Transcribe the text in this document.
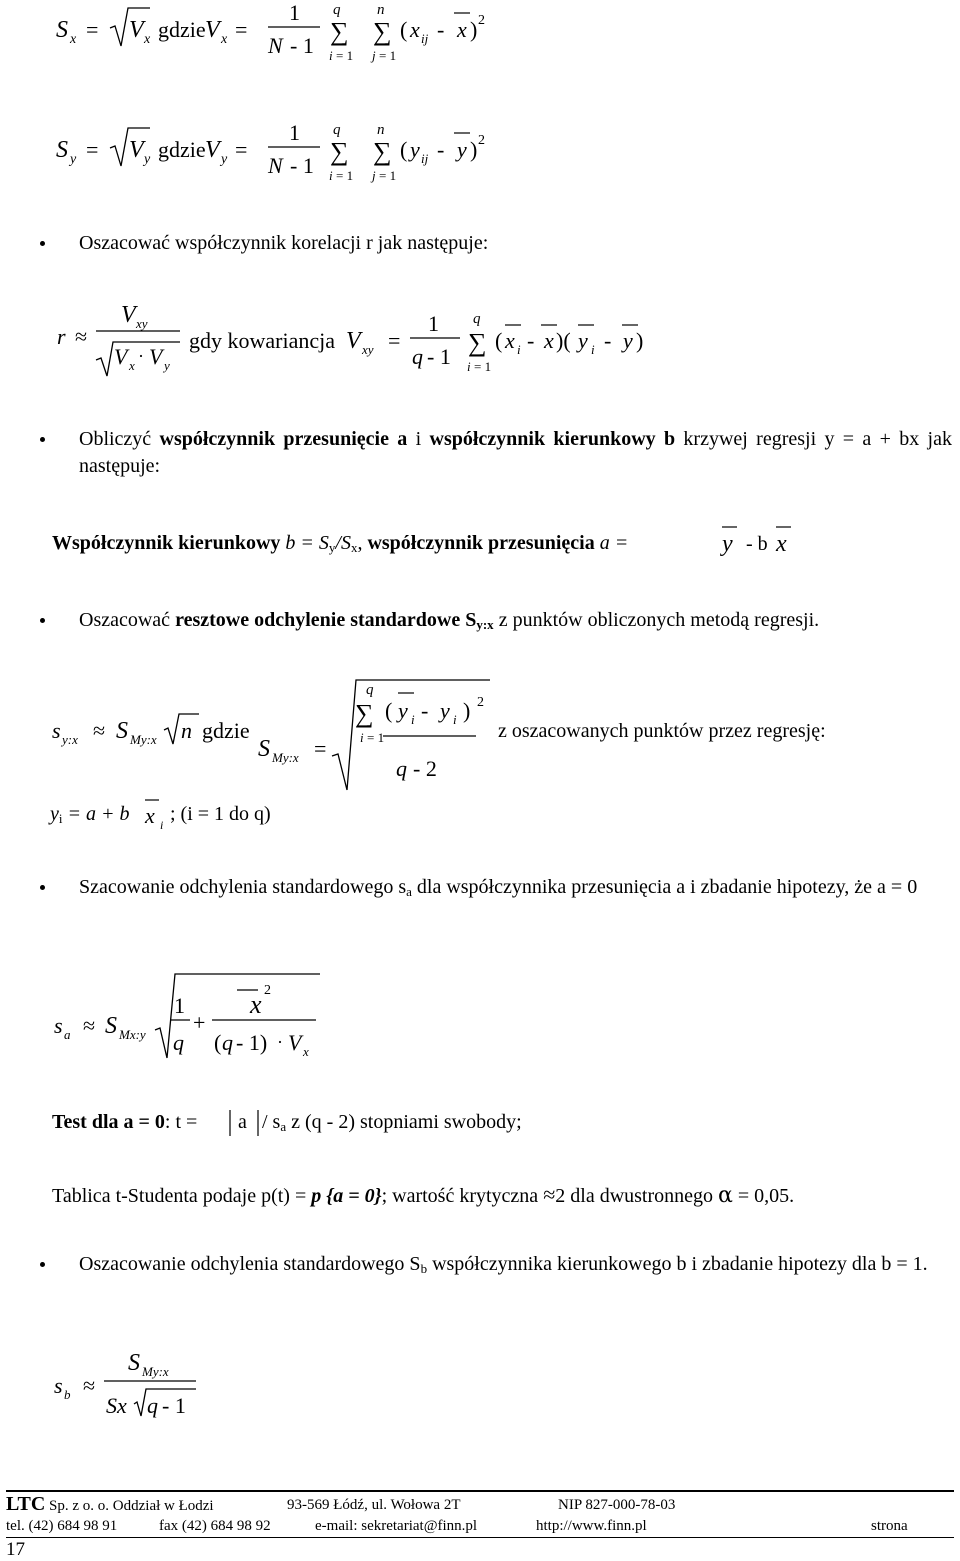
S x = V x gdzie V x =
1
N - 1
q
∑
i = 1
n
∑
j = 1
( x ij - x ) 2
S y = V y gdzie V y =
1
N - 1
q
∑
i = 1
n
∑
j = 1
( y ij - y ) 2
r ≈
V xy
V x · V y
gdy kowariancja V xy =
1
q - 1
q
∑
i = 1
( x i - x )( y i - y )
s y:x ≈ S My:x n gdzie
S My:x =
q
∑
i = 1
( y i - y i ) 2
q - 2
s a ≈ S Mx:y
1
q
+
2
x
( q - 1) · V x
s b ≈
S My:x
Sx q - 1
Oszacować współczynnik korelacji r jak następuje:
Obliczyć współczynnik przesunięcie a i współczynnik kierunkowy b krzywej regresji y = a + bx jak następuje:
Współczynnik kierunkowy $b = S_y/S_x$, współczynnik przesunięcia a =	y - b x
Oszacować resztowe odchylenie standardowe $S_{y:x}$ z punktów obliczonych metodą regresji.
z oszacowanych punktów przez regresję:
$y_i = a + b$ x i ; (i = 1 do q)
Szacowanie odchylenia standardowego $s_a$ dla współczynnika przesunięcia a i zbadanie hipotezy, że a = 0
Test dla a = 0: $t = a / s_a$ z (q - 2) stopniami swobody;
Tablica t-Studenta podaje p(t) = p {a = 0}; wartość krytyczna ≈2 dla dwustronnego α = 0,05.
Oszacowanie odchylenia standardowego $S_b$ współczynnika kierunkowego b i zbadanie hipotezy dla b = 1.
LTC Sp. z o. o. Oddział w Łodzi	93-569 Łódź, ul. Wołowa 2T	NIP 827-000-78-03
tel. (42) 684 98 91	fax (42) 684 98 92	e-mail: sekretariat@finn.pl	http://www.finn.pl	strona
17
